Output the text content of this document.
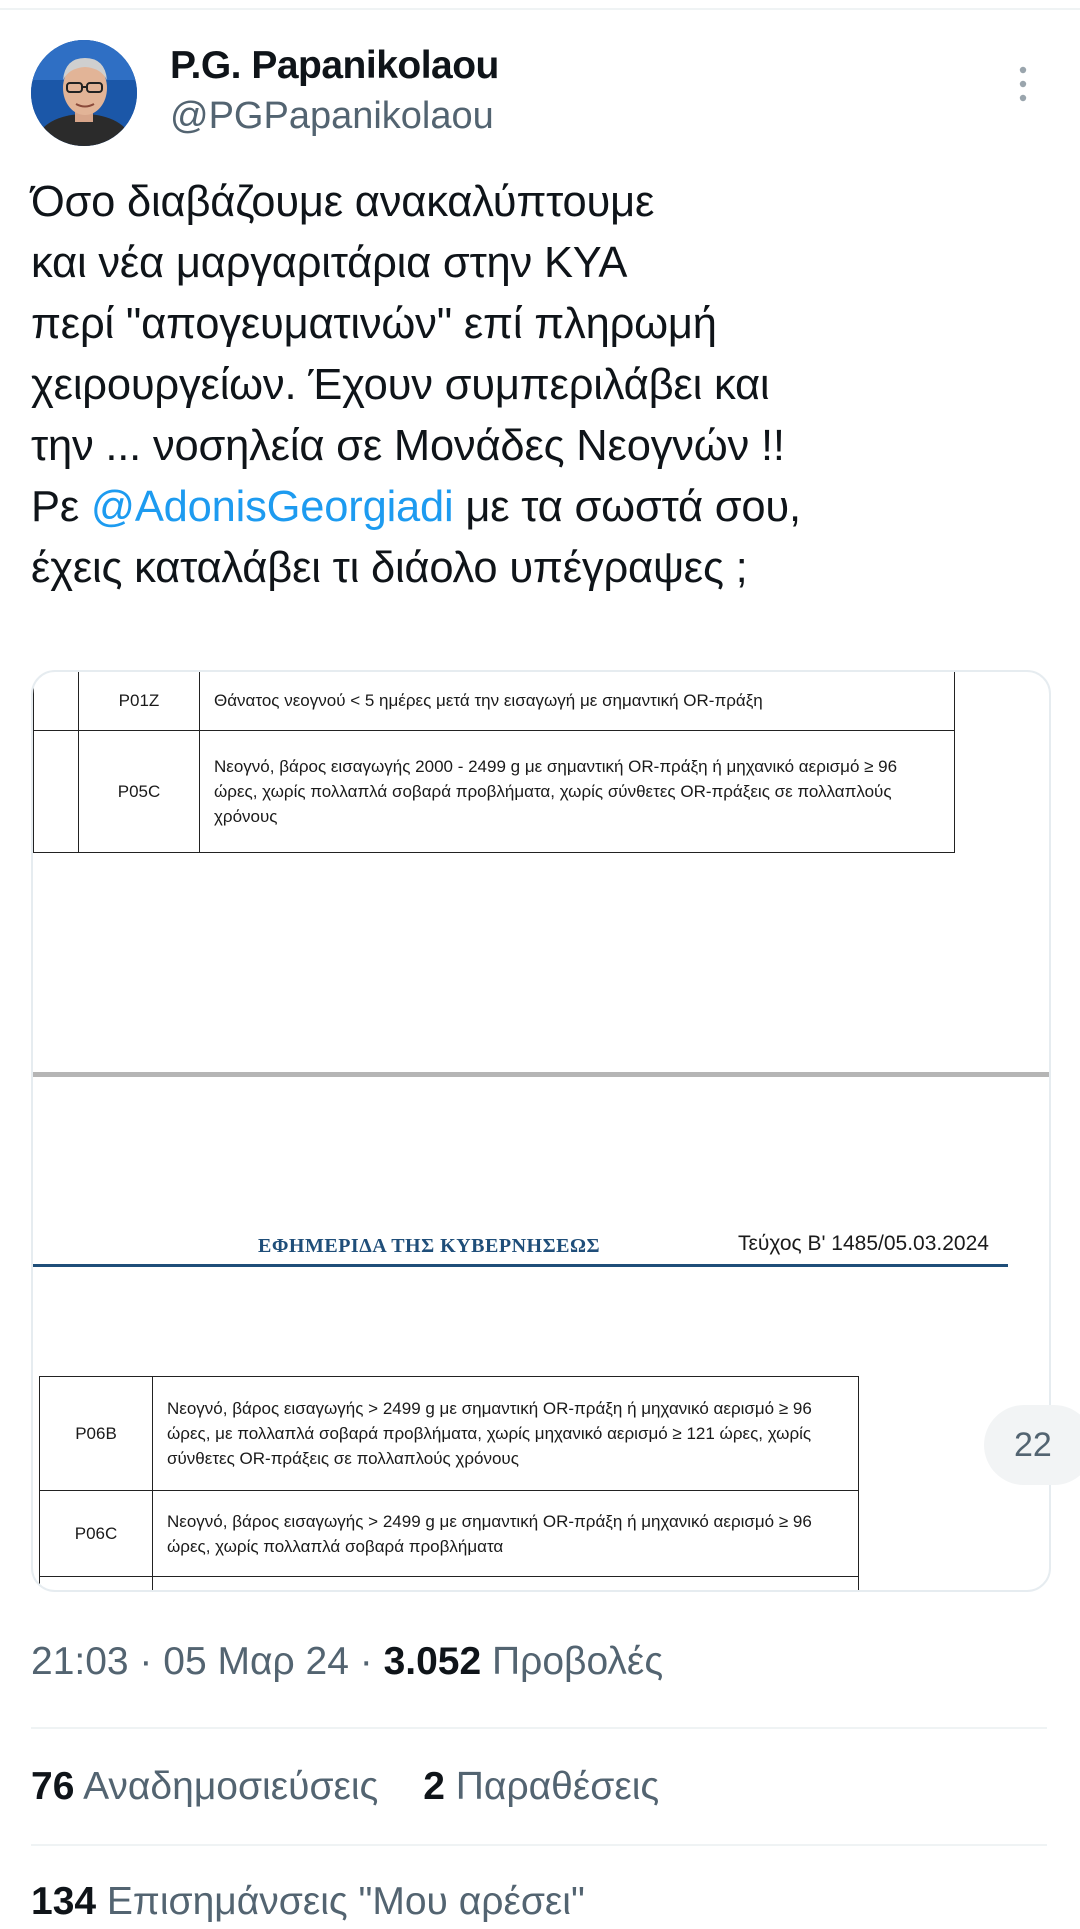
P.G. Papanikolaou
@PGPapanikolaou
Όσο διαβάζουμε ανακαλύπτουμε
και νέα μαργαριτάρια στην ΚΥΑ
περί "απογευματινών" επί πληρωμή
χειρουργείων. Έχουν συμπεριλάβει και
την ... νοσηλεία σε Μονάδες Νεογνών !!
Ρε @AdonisGeorgiadi με τα σωστά σου,
έχεις καταλάβει τι διάολο υπέγραψες ;
	P01Z	Θάνατος νεογνού < 5 ημέρες μετά την εισαγωγή με σημαντική OR-πράξη
	P05C	Νεογνό, βάρος εισαγωγής 2000 - 2499 g με σημαντική OR-πράξη ή μηχανικό αερισμό ≥ 96 ώρες, χωρίς πολλαπλά σοβαρά προβλήματα, χωρίς σύνθετες OR-πράξεις σε πολλαπλούς χρόνους
ΕΦΗΜΕΡΙΔΑ ΤΗΣ ΚΥΒΕΡΝΗΣΕΩΣ	Τεύχος Β' 1485/05.03.2024
P06B	Νεογνό, βάρος εισαγωγής > 2499 g με σημαντική OR-πράξη ή μηχανικό αερισμό ≥ 96 ώρες, με πολλαπλά σοβαρά προβλήματα, χωρίς μηχανικό αερισμό ≥ 121 ώρες, χωρίς σύνθετες OR-πράξεις σε πολλαπλούς χρόνους
P06C	Νεογνό, βάρος εισαγωγής > 2499 g με σημαντική OR-πράξη ή μηχανικό αερισμό ≥ 96 ώρες, χωρίς πολλαπλά σοβαρά προβλήματα

22
21:03 · 05 Μαρ 24 · 3.052 Προβολές
76 Αναδημοσιεύσεις 2 Παραθέσεις
134 Επισημάνσεις "Μου αρέσει"
